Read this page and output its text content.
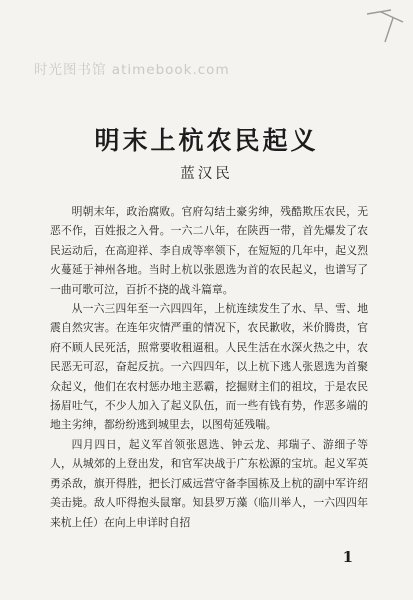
时光图书馆 atimebook.com
明末上杭农民起义
蓝汉民

明朝末年，政治腐败。官府勾结土豪劣绅，残酷欺压农民，无恶不作，百姓报之入骨。一六二八年，在陕西一带，首先爆发了农民运动后，在高迎祥、李自成等率领下，在短短的几年中，起义烈火蔓延于神州各地。当时上杭以张恩选为首的农民起义，也谱写了一曲可歌可泣，百折不挠的战斗篇章。

从一六三四年至一六四四年，上杭连续发生了水、旱、雪、地震自然灾害。在连年灾情严重的情况下，农民歉收，米价腾贵，官府不顾人民死活，照常要收租逼租。人民生活在水深火热之中，农民恶无可忍，奋起反抗。一六四四年，以上杭下逃人张恩选为首聚众起义，他们在农村惩办地主恶霸，挖掘财主们的祖坟，于是农民扬眉吐气，不少人加入了起义队伍，而一些有钱有势，作恶多端的地主劣绅，都纷纷逃到城里去，以图苟延残喘。

四月四日，起义军首领张恩选、钟云龙、邦瑞子、游细子等人，从城郊的上登出发，和官军决战于广东松源的宝坑。起义军英勇杀敌，旗开得胜，把长汀威远营守备李国栋及上杭的副中军许绍美击毙。敌人吓得抱头鼠窜。知县罗万藻（临川举人，一六四四年来杭上任）在向上申详时自招

1
